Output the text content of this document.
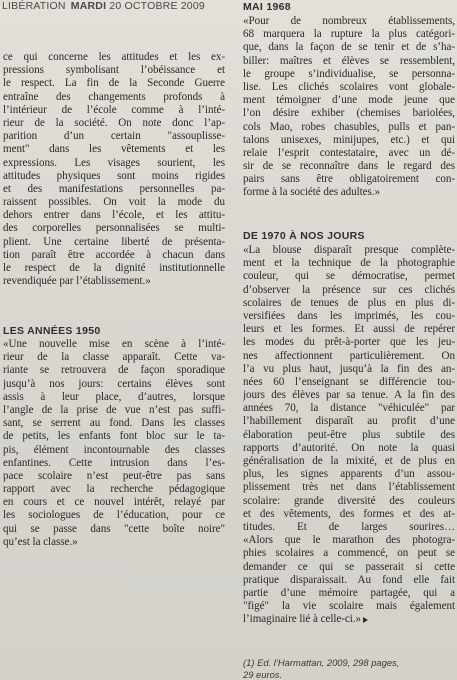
LIBÉRATION MARDI 20 OCTOBRE 2009
ce qui concerne les attitudes et les ex-
pressions symbolisant l’obéissance et
le respect. La fin de la Seconde Guerre
entraîne des changements profonds à
l’intérieur de l’école comme à l’inté-
rieur de la société. On note donc l’ap-
parition d’un certain "assouplisse-
ment" dans les vêtements et les
expressions. Les visages sourient, les
attitudes physiques sont moins rigides
et des manifestations personnelles pa-
raissent possibles. On voit la mode du
dehors entrer dans l’école, et les attitu-
des corporelles personnalisées se multi-
plient. Une certaine liberté de présenta-
tion paraît être accordée à chacun dans
le respect de la dignité institutionnelle
revendiquée par l’établissement.»
LES ANNÉES 1950
«Une nouvelle mise en scène à l’inté-
rieur de la classe apparaît. Cette va-
riante se retrouvera de façon sporadique
jusqu’à nos jours: certains élèves sont
assis à leur place, d’autres, lorsque
l’angle de la prise de vue n’est pas suffi-
sant, se serrent au fond. Dans les classes
de petits, les enfants font bloc sur le ta-
pis, élément incontournable des classes
enfantines. Cette intrusion dans l’es-
pace scolaire n’est peut-être pas sans
rapport avec la recherche pédagogique
en cours et ce nouvel intérêt, relayé par
les sociologues de l’éducation, pour ce
qui se passe dans "cette boîte noire"
qu’est la classe.»
MAI 1968
«Pour de nombreux établissements,
68 marquera la rupture la plus catégori-
que, dans la façon de se tenir et de s’ha-
biller: maîtres et élèves se ressemblent,
le groupe s’individualise, se personna-
lise. Les clichés scolaires vont globale-
ment témoigner d’une mode jeune que
l’on désire exhiber (chemises bariolées,
cols Mao, robes chasubles, pulls et pan-
talons unisexes, minijupes, etc.) et qui
relaie l’esprit contestataire, avec un dé-
sir de se reconnaître dans le regard des
pairs sans être obligatoirement con-
forme à la société des adultes.»
DE 1970 À NOS JOURS
«La blouse disparaît presque complète-
ment et la technique de la photographie
couleur, qui se démocratise, permet
d’observer la présence sur ces clichés
scolaires de tenues de plus en plus di-
versifiées dans les imprimés, les cou-
leurs et les formes. Et aussi de repérer
les modes du prêt-à-porter que les jeu-
nes affectionnent particulièrement. On
l’a vu plus haut, jusqu’à la fin des an-
nées 60 l’enseignant se différencie tou-
jours des élèves par sa tenue. A la fin des
années 70, la distance "véhiculée" par
l’habillement disparaît au profit d’une
élaboration peut-être plus subtile des
rapports d’autorité. On note la quasi
généralisation de la mixité, et de plus en
plus, les signes apparents d’un assou-
plissement très net dans l’établissement
scolaire: grande diversité des couleurs
et des vêtements, des formes et des at-
titudes. Et de larges sourires…
«Alors que le marathon des photogra-
phies scolaires a commencé, on peut se
demander ce qui se passerait si cette
pratique disparaissait. Au fond elle fait
partie d’une mémoire partagée, qui a
"figé" la vie scolaire mais également
l’imaginaire lié à celle-ci.»
(1) Ed. l’Harmattan, 2009, 298 pages,
29 euros.
